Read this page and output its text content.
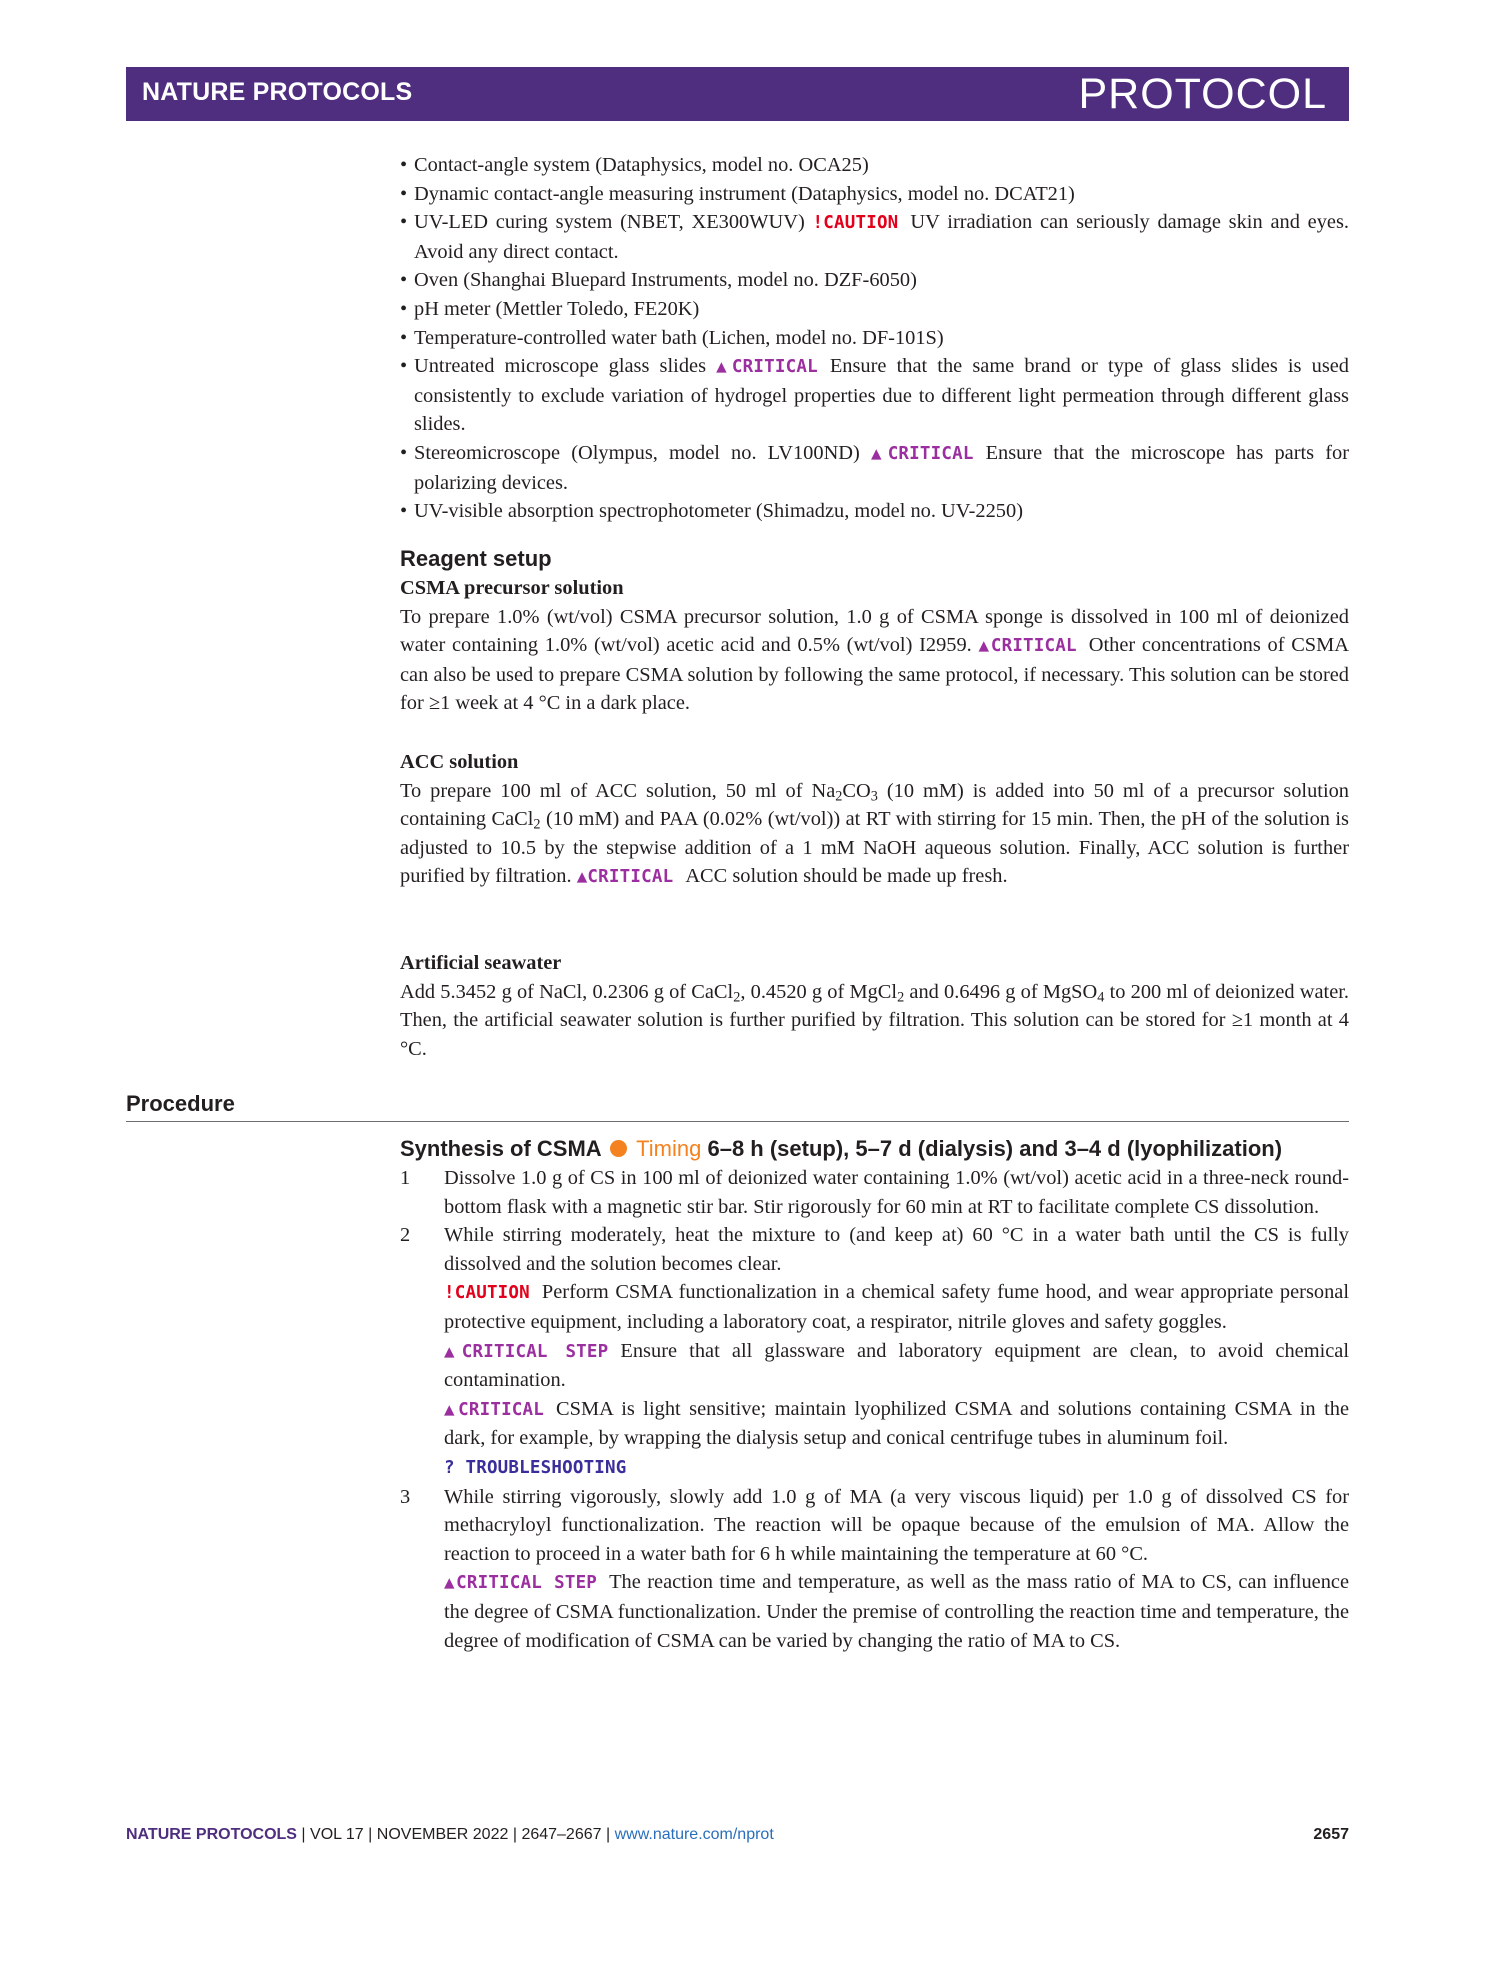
NATURE PROTOCOLS	PROTOCOL
• Contact-angle system (Dataphysics, model no. OCA25)
• Dynamic contact-angle measuring instrument (Dataphysics, model no. DCAT21)
• UV-LED curing system (NBET, XE300WUV) !CAUTION UV irradiation can seriously damage skin and eyes. Avoid any direct contact.
• Oven (Shanghai Bluepard Instruments, model no. DZF-6050)
• pH meter (Mettler Toledo, FE20K)
• Temperature-controlled water bath (Lichen, model no. DF-101S)
• Untreated microscope glass slides ▲CRITICAL Ensure that the same brand or type of glass slides is used consistently to exclude variation of hydrogel properties due to different light permeation through different glass slides.
• Stereomicroscope (Olympus, model no. LV100ND) ▲CRITICAL Ensure that the microscope has parts for polarizing devices.
• UV-visible absorption spectrophotometer (Shimadzu, model no. UV-2250)
Reagent setup
CSMA precursor solution
To prepare 1.0% (wt/vol) CSMA precursor solution, 1.0 g of CSMA sponge is dissolved in 100 ml of deionized water containing 1.0% (wt/vol) acetic acid and 0.5% (wt/vol) I2959. ▲CRITICAL Other concentrations of CSMA can also be used to prepare CSMA solution by following the same protocol, if necessary. This solution can be stored for ≥1 week at 4 °C in a dark place.
ACC solution
To prepare 100 ml of ACC solution, 50 ml of $Na_2CO_3$ (10 mM) is added into 50 ml of a precursor solution containing CaCl$_2$ (10 mM) and PAA (0.02% (wt/vol)) at RT with stirring for 15 min. Then, the pH of the solution is adjusted to 10.5 by the stepwise addition of a 1 mM NaOH aqueous solution. Finally, ACC solution is further purified by filtration. ▲CRITICAL ACC solution should be made up fresh.
Artificial seawater
Add 5.3452 g of NaCl, 0.2306 g of CaCl$_2$, 0.4520 g of MgCl$_2$ and 0.6496 g of MgSO$_4$ to 200 ml of deionized water. Then, the artificial seawater solution is further purified by filtration. This solution can be stored for ≥1 month at 4 °C.
Procedure
Synthesis of CSMA Timing 6–8 h (setup), 5–7 d (dialysis) and 3–4 d (lyophilization)
1 Dissolve 1.0 g of CS in 100 ml of deionized water containing 1.0% (wt/vol) acetic acid in a three-neck round-bottom flask with a magnetic stir bar. Stir rigorously for 60 min at RT to facilitate complete CS dissolution.

2 While stirring moderately, heat the mixture to (and keep at) 60 °C in a water bath until the CS is fully dissolved and the solution becomes clear.

!CAUTION Perform CSMA functionalization in a chemical safety fume hood, and wear appropriate personal protective equipment, including a laboratory coat, a respirator, nitrile gloves and safety goggles.

▲CRITICAL STEP Ensure that all glassware and laboratory equipment are clean, to avoid chemical contamination.

▲CRITICAL CSMA is light sensitive; maintain lyophilized CSMA and solutions containing CSMA in the dark, for example, by wrapping the dialysis setup and conical centrifuge tubes in aluminum foil.

? TROUBLESHOOTING

3 While stirring vigorously, slowly add 1.0 g of MA (a very viscous liquid) per 1.0 g of dissolved CS for methacryloyl functionalization. The reaction will be opaque because of the emulsion of MA. Allow the reaction to proceed in a water bath for 6 h while maintaining the temperature at 60 °C.

▲CRITICAL STEP The reaction time and temperature, as well as the mass ratio of MA to CS, can influence the degree of CSMA functionalization. Under the premise of controlling the reaction time and temperature, the degree of modification of CSMA can be varied by changing the ratio of MA to CS.

NATURE PROTOCOLS | VOL 17 | NOVEMBER 2022 | 2647–2667 | www.nature.com/nprot	2657
